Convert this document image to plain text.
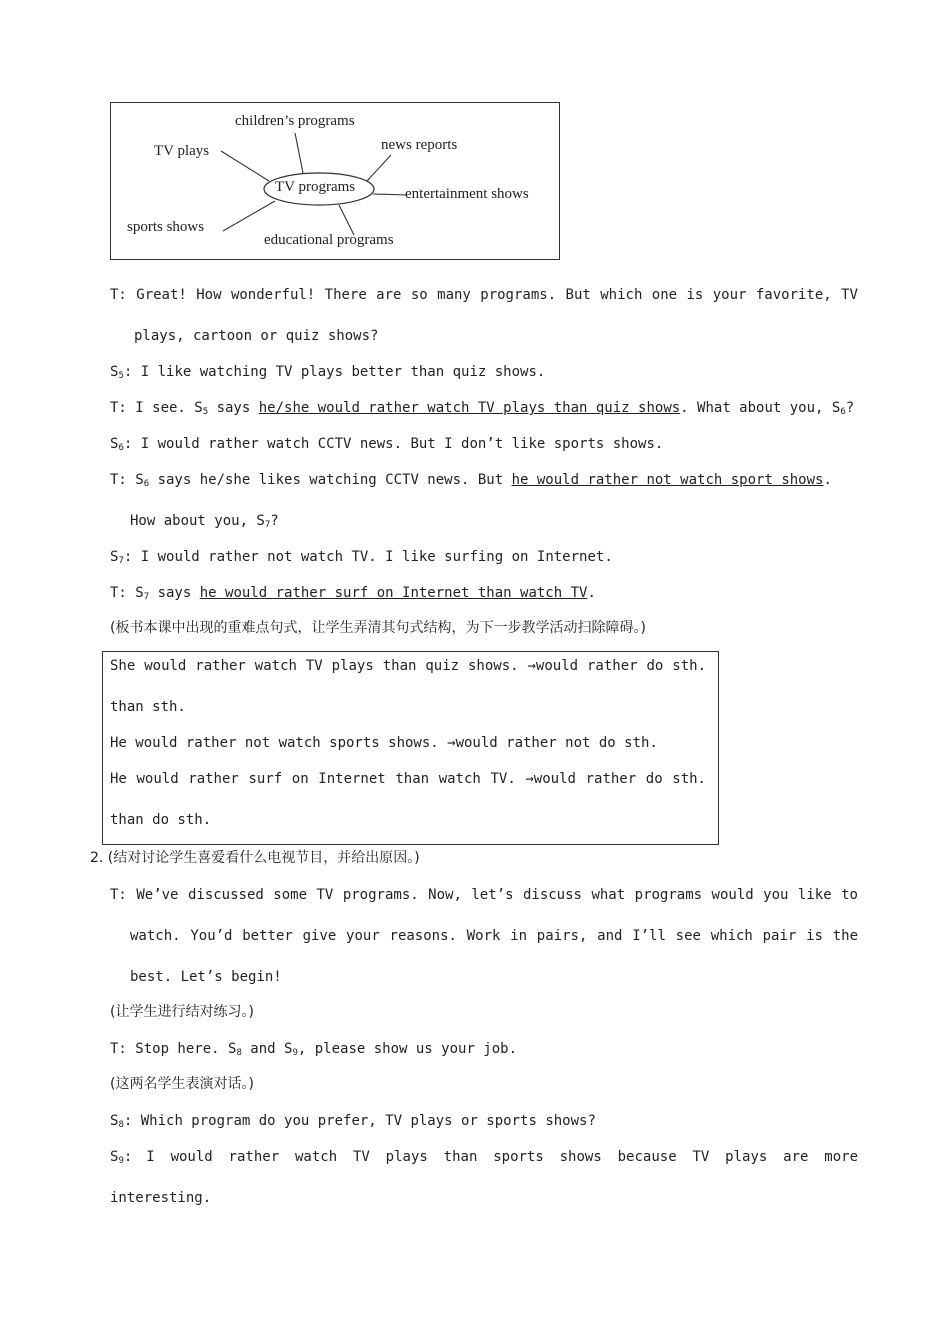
children’s programs
TV plays	news reports
TV programs	entertainment shows
sports shows
educational programs
T: Great! How wonderful! There are so many programs. But which one is your favorite, TV
plays, cartoon or quiz shows?
$S_5$: I like watching TV plays better than quiz shows.
T: I see. $S_5$ says he/she would rather watch TV plays than quiz shows. What about you, $S_6$?
$S_6$: I would rather watch CCTV news. But I don’t like sports shows.
T: $S_6$ says he/she likes watching CCTV news. But he would rather not watch sport shows.
How about you, $S_7$?
$S_7$: I would rather not watch TV. I like surfing on Internet.
T: $S_7$ says he would rather surf on Internet than watch TV.
(板书本课中出现的重难点句式，让学生弄清其句式结构，为下一步教学活动扫除障碍。)
She would rather watch TV plays than quiz shows. →would rather do sth.
than sth.
He would rather not watch sports shows. →would rather not do sth.
He would rather surf on Internet than watch TV. →would rather do sth.
than do sth.
2. (结对讨论学生喜爱看什么电视节目，并给出原因。)
T: We’ve discussed some TV programs. Now, let’s discuss what programs would you like to
watch. You’d better give your reasons. Work in pairs, and I’ll see which pair is the
best. Let’s begin!
(让学生进行结对练习。)
T: Stop here. $S_8$ and $S_9$, please show us your job.
(这两名学生表演对话。)
$S_8$: Which program do you prefer, TV plays or sports shows?
$S_9$:	I would rather watch TV plays than sports shows because TV plays are more
interesting.
